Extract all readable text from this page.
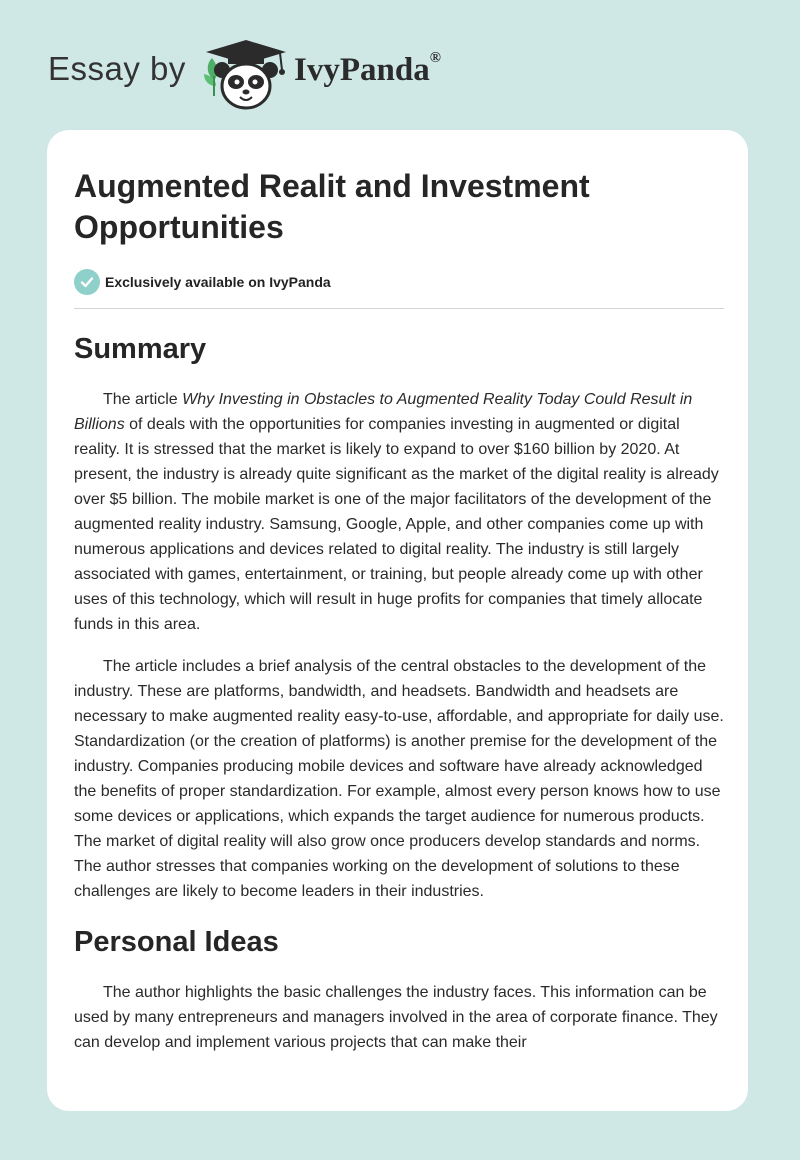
Essay by	IvyPanda®
Augmented Realit and Investment Opportunities
Exclusively available on IvyPanda
Summary

The article Why Investing in Obstacles to Augmented Reality Today Could Result in Billions of deals with the opportunities for companies investing in augmented or digital reality. It is stressed that the market is likely to expand to over $160 billion by 2020. At present, the industry is already quite significant as the market of the digital reality is already over $5 billion. The mobile market is one of the major facilitators of the development of the augmented reality industry. Samsung, Google, Apple, and other companies come up with numerous applications and devices related to digital reality. The industry is still largely associated with games, entertainment, or training, but people already come up with other uses of this technology, which will result in huge profits for companies that timely allocate funds in this area.

The article includes a brief analysis of the central obstacles to the development of the industry. These are platforms, bandwidth, and headsets. Bandwidth and headsets are necessary to make augmented reality easy-to-use, affordable, and appropriate for daily use. Standardization (or the creation of platforms) is another premise for the development of the industry. Companies producing mobile devices and software have already acknowledged the benefits of proper standardization. For example, almost every person knows how to use some devices or applications, which expands the target audience for numerous products. The market of digital reality will also grow once producers develop standards and norms. The author stresses that companies working on the development of solutions to these challenges are likely to become leaders in their industries.

Personal Ideas

The author highlights the basic challenges the industry faces. This information can be used by many entrepreneurs and managers involved in the area of corporate finance. They can develop and implement various projects that can make their
